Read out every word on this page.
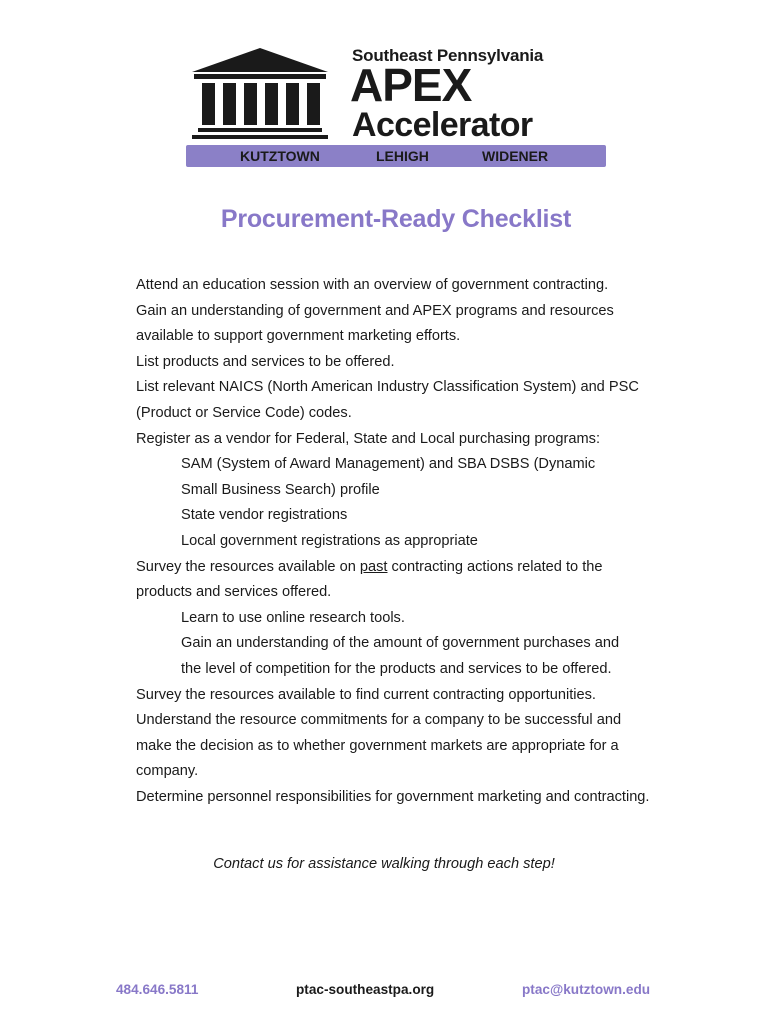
Southeast Pennsylvania
APEX
Accelerator
KUTZTOWN	LEHIGH	WIDENER
Procurement-Ready Checklist
Attend an education session with an overview of government contracting.
Gain an understanding of government and APEX programs and resources
available to support government marketing efforts.
List products and services to be offered.
List relevant NAICS (North American Industry Classification System) and PSC
(Product or Service Code) codes.
Register as a vendor for Federal, State and Local purchasing programs:
SAM (System of Award Management) and SBA DSBS (Dynamic
Small Business Search) profile
State vendor registrations
Local government registrations as appropriate
Survey the resources available on past contracting actions related to the
products and services offered.
Learn to use online research tools.
Gain an understanding of the amount of government purchases and
the level of competition for the products and services to be offered.
Survey the resources available to find current contracting opportunities.
Understand the resource commitments for a company to be successful and
make the decision as to whether government markets are appropriate for a
company.
Determine personnel responsibilities for government marketing and contracting.
Contact us for assistance walking through each step!
484.646.5811	ptac-southeastpa.org	ptac@kutztown.edu
